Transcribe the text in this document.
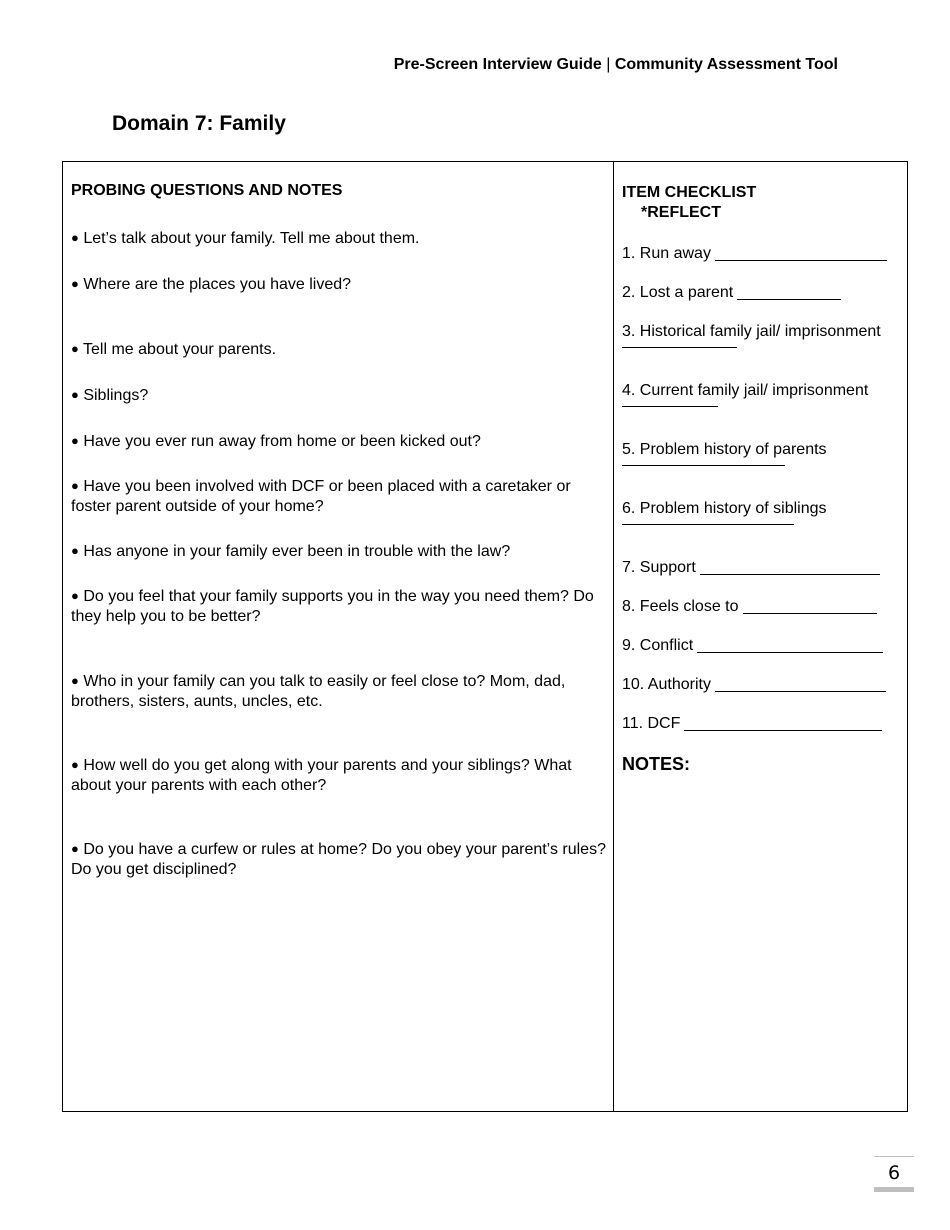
Pre-Screen Interview Guide | Community Assessment Tool
Domain 7: Family
PROBING QUESTIONS AND NOTES
● Let’s talk about your family. Tell me about them.
● Where are the places you have lived?
● Tell me about your parents.
● Siblings?
● Have you ever run away from home or been kicked out?
● Have you been involved with DCF or been placed with a caretaker or foster parent outside of your home?
● Has anyone in your family ever been in trouble with the law?
● Do you feel that your family supports you in the way you need them? Do they help you to be better?
● Who in your family can you talk to easily or feel close to? Mom, dad, brothers, sisters, aunts, uncles, etc.
● How well do you get along with your parents and your siblings? What about your parents with each other?
● Do you have a curfew or rules at home? Do you obey your parent’s rules? Do you get disciplined?
ITEM CHECKLIST
*REFLECT
1. Run away
2. Lost a parent
3. Historical family jail/ imprisonment
4. Current family jail/ imprisonment
5. Problem history of parents
6. Problem history of siblings
7. Support
8. Feels close to
9. Conflict
10. Authority
11. DCF
NOTES:
6
